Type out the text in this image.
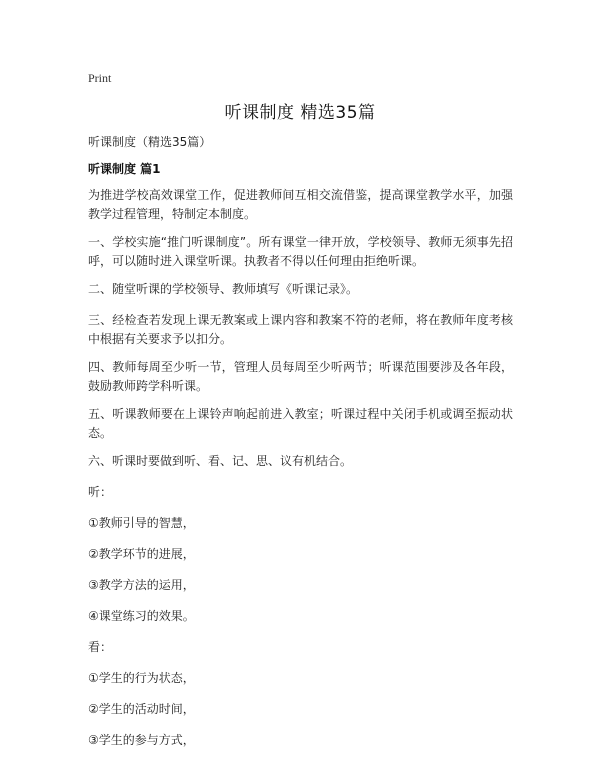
Print
听课制度 精选35篇

听课制度（精选35篇）

听课制度 篇1

为推进学校高效课堂工作，促进教师间互相交流借鉴，提高课堂教学水平，加强教学过程管理，特制定本制度。

一、学校实施“推门听课制度”。所有课堂一律开放，学校领导、教师无须事先招呼，可以随时进入课堂听课。执教者不得以任何理由拒绝听课。

二、随堂听课的学校领导、教师填写《听课记录》。

三、经检查若发现上课无教案或上课内容和教案不符的老师，将在教师年度考核中根据有关要求予以扣分。

四、教师每周至少听一节，管理人员每周至少听两节；听课范围要涉及各年段，鼓励教师跨学科听课。

五、听课教师要在上课铃声响起前进入教室；听课过程中关闭手机或调至振动状态。

六、听课时要做到听、看、记、思、议有机结合。

听：

①教师引导的智慧，

②教学环节的进展，

③教学方法的运用，

④课堂练习的效果。

看：

①学生的行为状态，

②学生的活动时间，

③学生的参与方式，
